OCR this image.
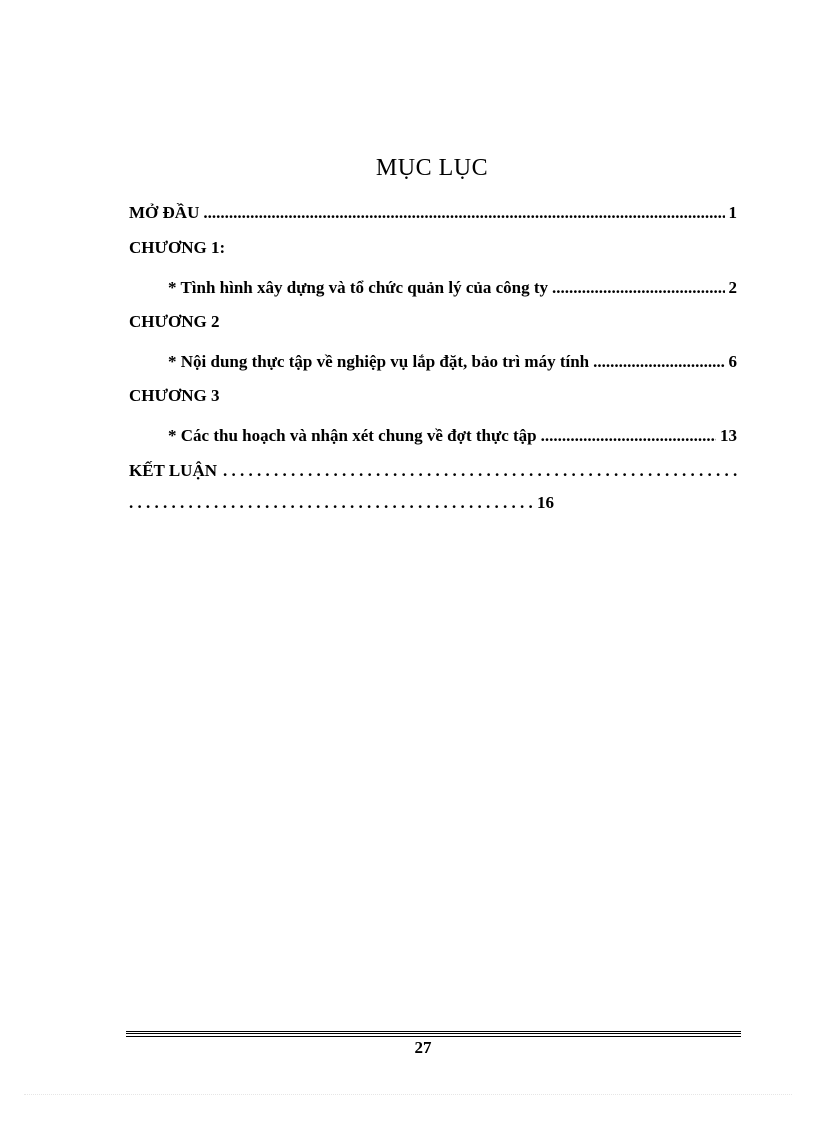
MỤC LỤC
MỞ ĐẦU .....	1
CHƯƠNG 1:
* Tình hình xây dựng và tổ chức quản lý của công ty .....	2
CHƯƠNG 2
* Nội dung thực tập về nghiệp vụ lắp đặt, bảo trì máy tính .....	6
CHƯƠNG 3
* Các thu hoạch và nhận xét chung về đợt thực tập .....	13
KẾT LUẬN
. . .
. . . . . . . . . . . . . . . . . . . . . . . . . . . . . . . . . . . . . . . . . . . . . . . . 16
27
